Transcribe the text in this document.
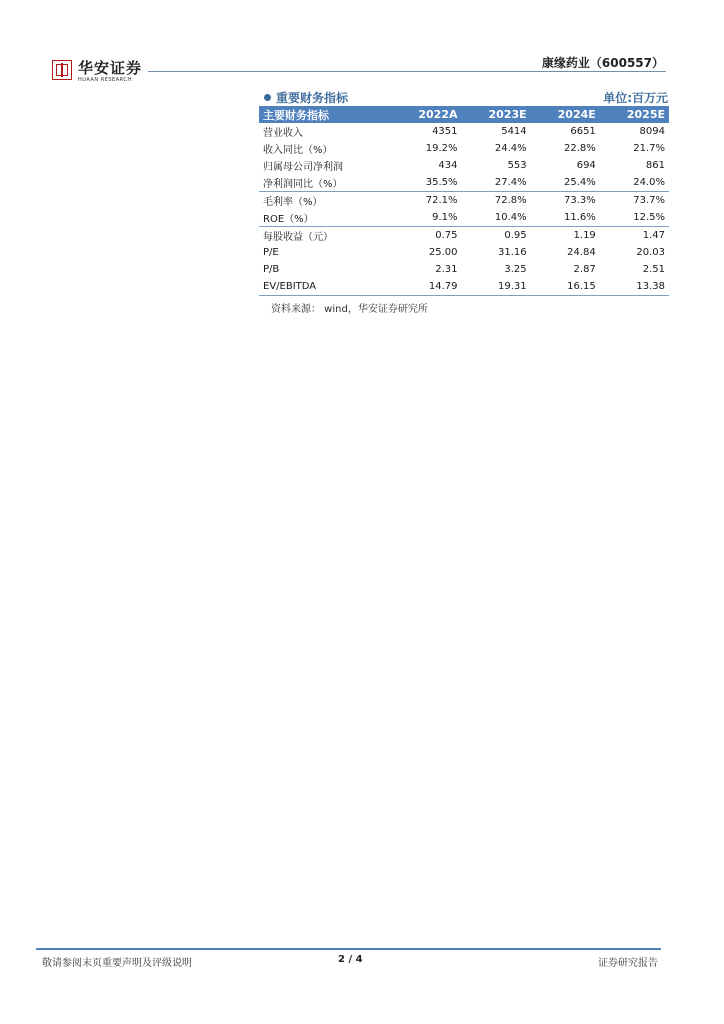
华安证券
HUAAN RESEARCH
康缘药业（600557）
重要财务指标	单位:百万元
主要财务指标	2022A	2023E	2024E	2025E
营业收入	4351	5414	6651	8094
收入同比（%）	19.2%	24.4%	22.8%	21.7%
归属母公司净利润	434	553	694	861
净利润同比（%）	35.5%	27.4%	25.4%	24.0%
毛利率（%）	72.1%	72.8%	73.3%	73.7%
ROE（%）	9.1%	10.4%	11.6%	12.5%
每股收益（元）	0.75	0.95	1.19	1.47
P/E	25.00	31.16	24.84	20.03
P/B	2.31	3.25	2.87	2.51
EV/EBITDA	14.79	19.31	16.15	13.38
资料来源： wind，华安证券研究所
敬请参阅末页重要声明及评级说明	2 / 4	证券研究报告
